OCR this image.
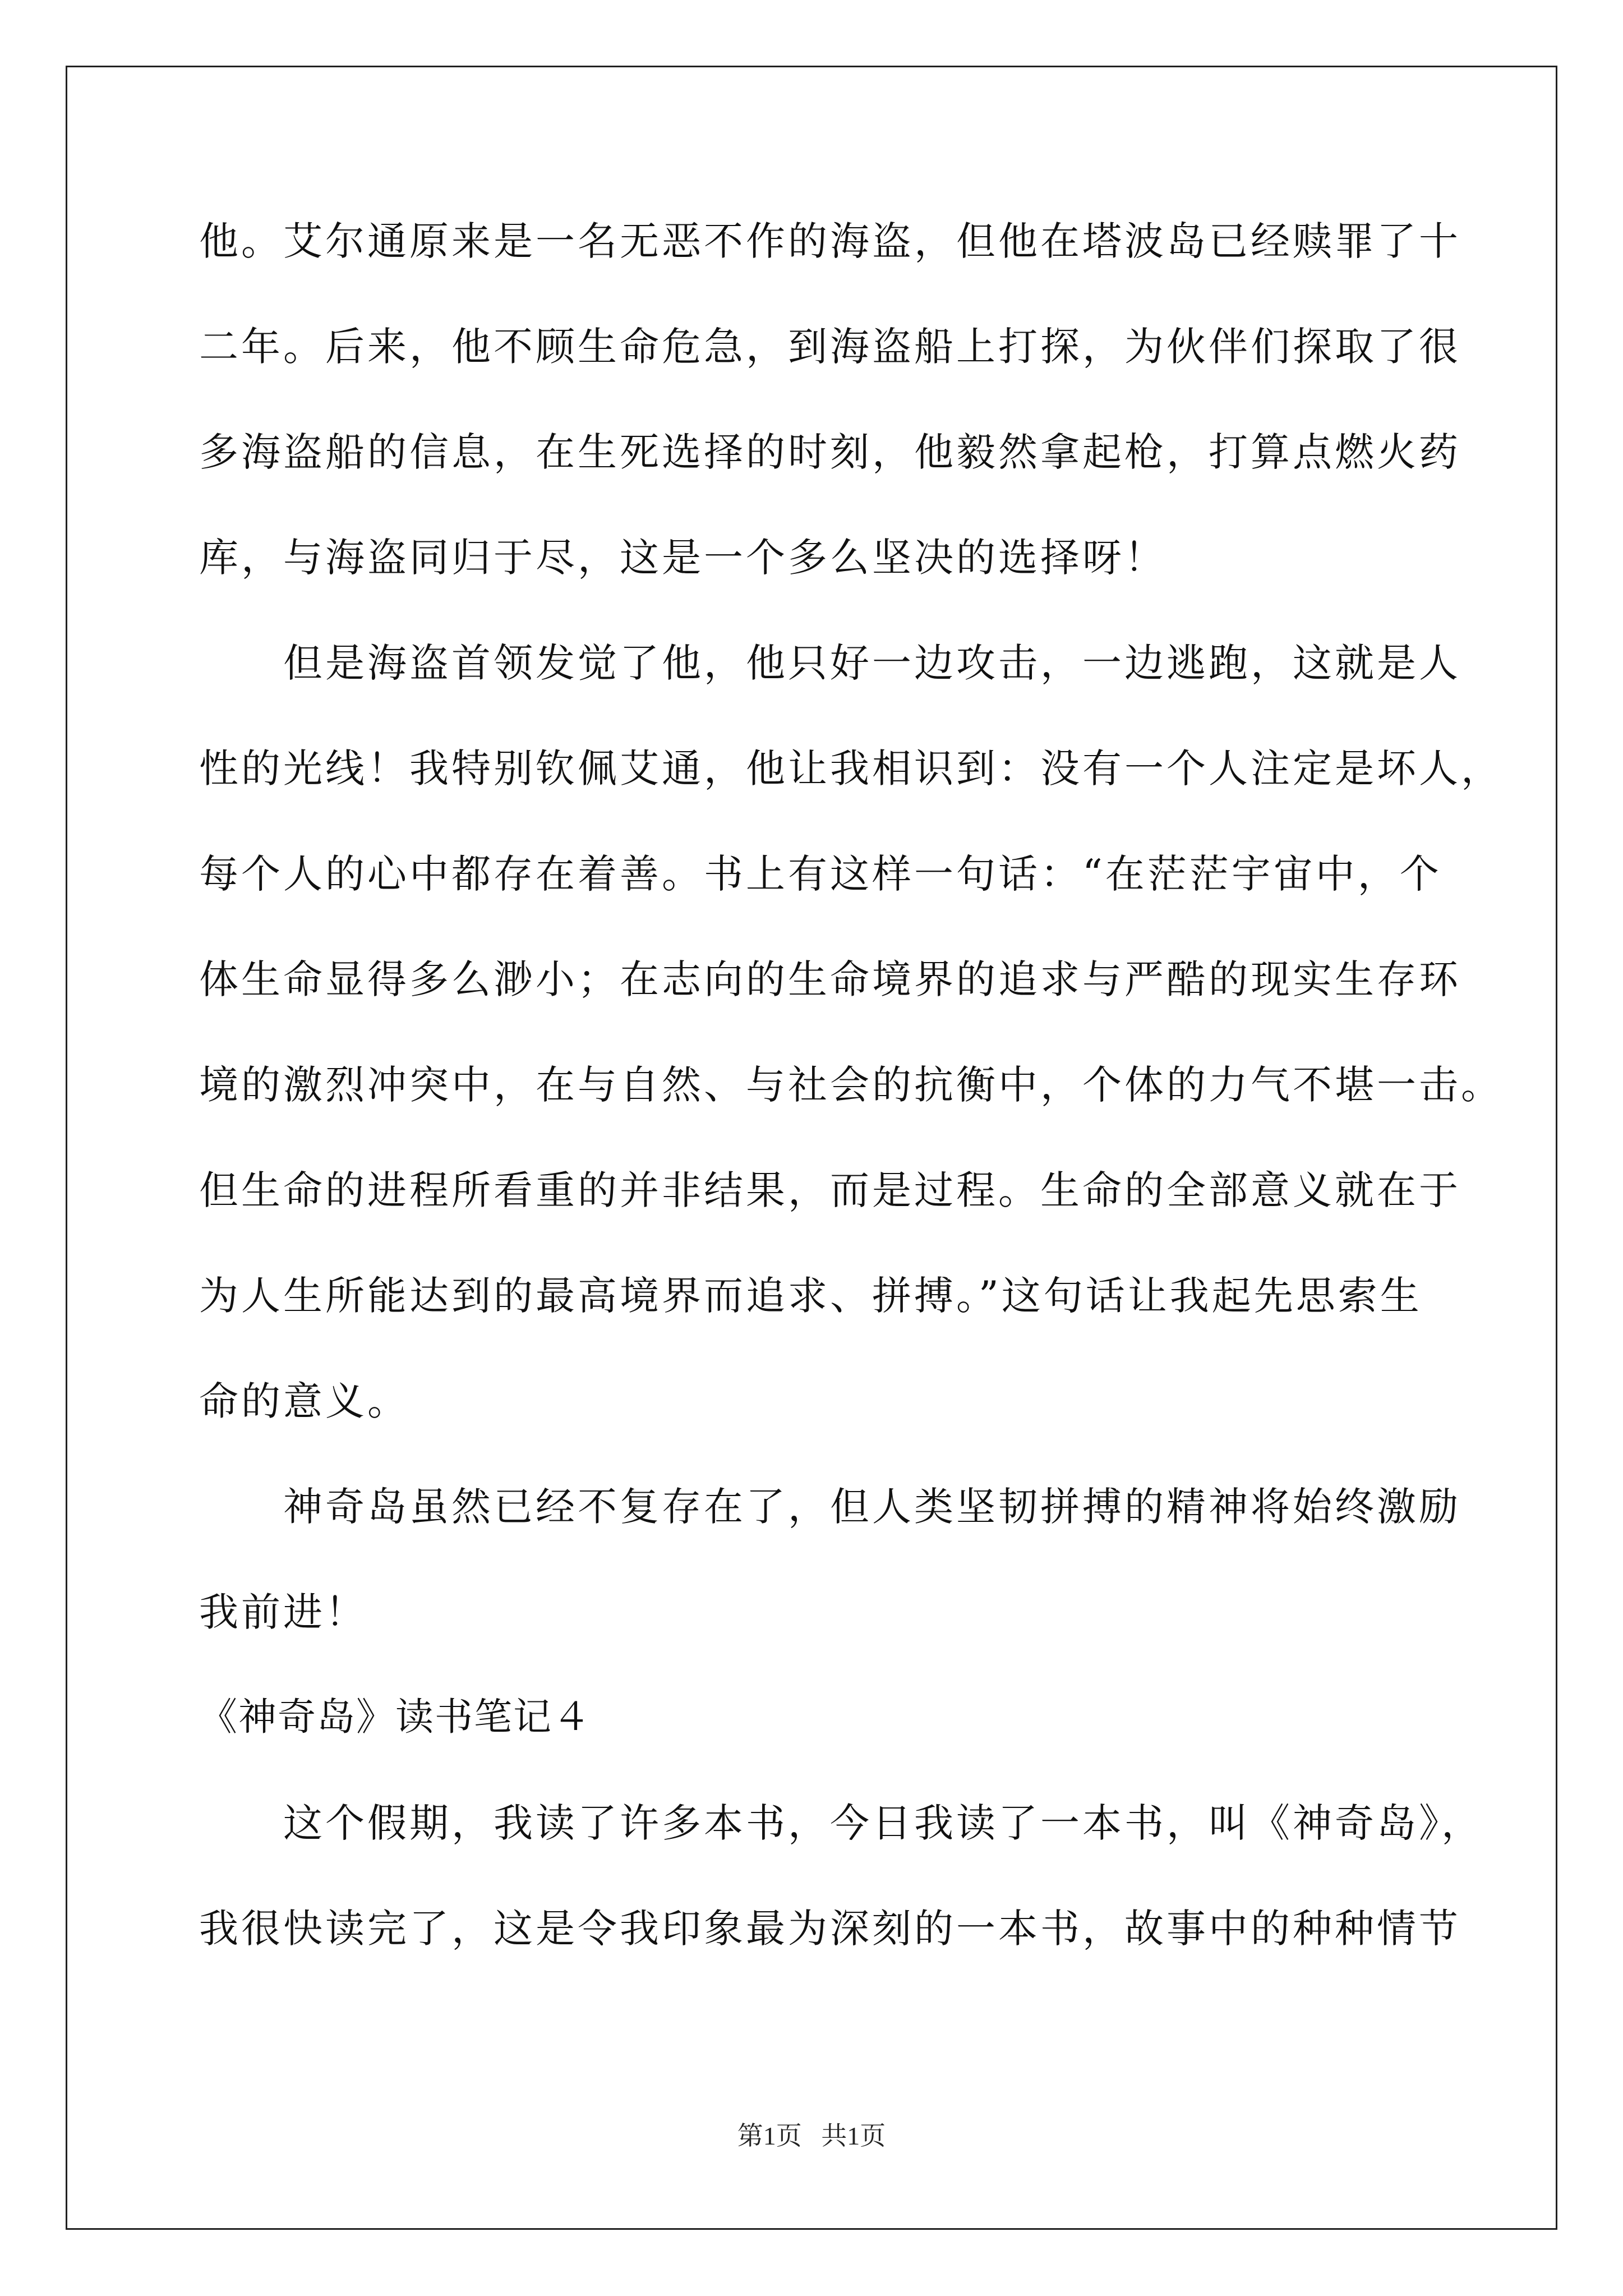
他。艾尔通原来是一名无恶不作的海盗，但他在塔波岛已经赎罪了十
二年。后来，他不顾生命危急，到海盗船上打探，为伙伴们探取了很
多海盗船的信息，在生死选择的时刻，他毅然拿起枪，打算点燃火药
库，与海盗同归于尽，这是一个多么坚决的选择呀！
但是海盗首领发觉了他，他只好一边攻击，一边逃跑，这就是人
性的光线！我特别钦佩艾通，他让我相识到：没有一个人注定是坏人，
每个人的心中都存在着善。书上有这样一句话：“在茫茫宇宙中，个
体生命显得多么渺小；在志向的生命境界的追求与严酷的现实生存环
境的激烈冲突中，在与自然、与社会的抗衡中，个体的力气不堪一击。
但生命的进程所看重的并非结果，而是过程。生命的全部意义就在于
为人生所能达到的最高境界而追求、拼搏。”这句话让我起先思索生
命的意义。
神奇岛虽然已经不复存在了，但人类坚韧拼搏的精神将始终激励
我前进！
《神奇岛》读书笔记４
这个假期，我读了许多本书，今日我读了一本书，叫《神奇岛》，
我很快读完了，这是令我印象最为深刻的一本书，故事中的种种情节
第1页   共1页
